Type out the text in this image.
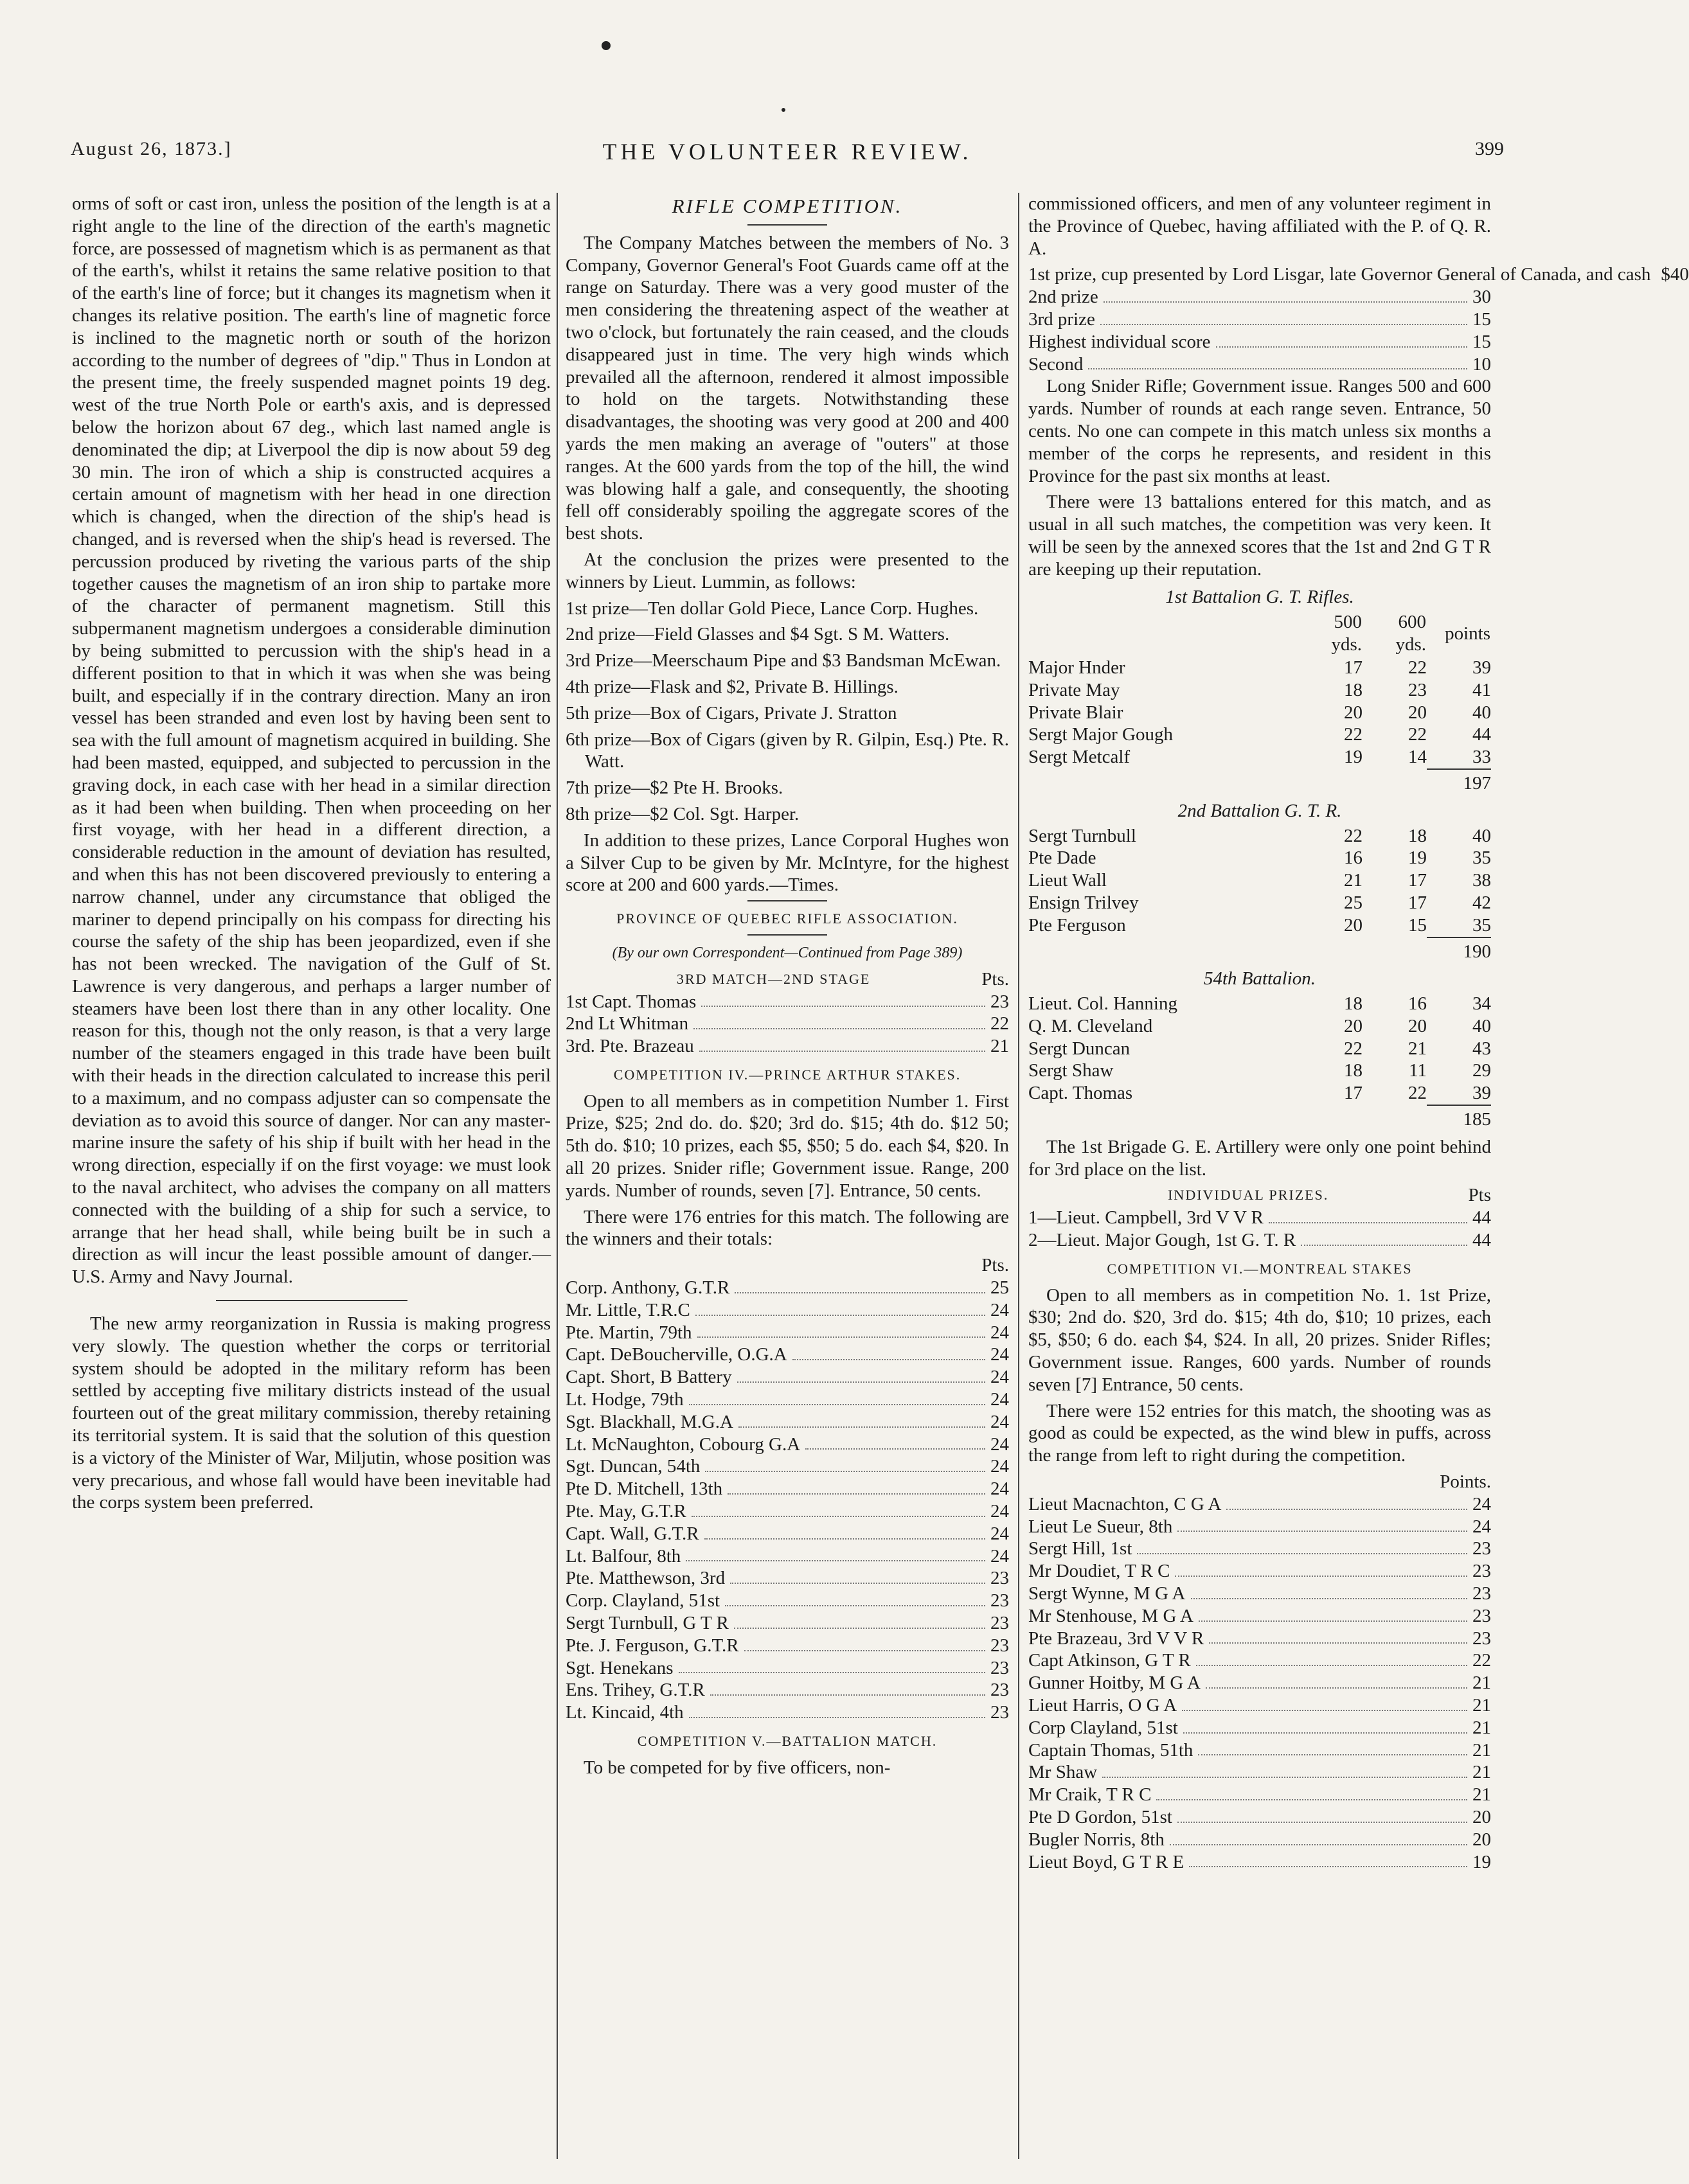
August 26, 1873.]	THE VOLUNTEER REVIEW.	399

orms of soft or cast iron, unless the position of the length is at a right angle to the line of the direction of the earth's magnetic force, are possessed of magnetism which is as permanent as that of the earth's, whilst it retains the same relative position to that of the earth's line of force; but it changes its magnetism when it changes its relative position. The earth's line of magnetic force is inclined to the magnetic north or south of the horizon according to the number of degrees of "dip." Thus in London at the present time, the freely suspended magnet points 19 deg. west of the true North Pole or earth's axis, and is depressed below the horizon about 67 deg., which last named angle is denominated the dip; at Liverpool the dip is now about 59 deg 30 min. The iron of which a ship is constructed acquires a certain amount of magnetism with her head in one direction which is changed, when the direction of the ship's head is changed, and is reversed when the ship's head is reversed. The percussion produced by riveting the various parts of the ship together causes the magnetism of an iron ship to partake more of the character of permanent magnetism. Still this subpermanent magnetism undergoes a considerable diminution by being submitted to percussion with the ship's head in a different position to that in which it was when she was being built, and especially if in the contrary direction. Many an iron vessel has been stranded and even lost by having been sent to sea with the full amount of magnetism acquired in building. She had been masted, equipped, and subjected to percussion in the graving dock, in each case with her head in a similar direction as it had been when building. Then when proceeding on her first voyage, with her head in a different direction, a considerable reduction in the amount of deviation has resulted, and when this has not been discovered previously to entering a narrow channel, under any circumstance that obliged the mariner to depend principally on his compass for directing his course the safety of the ship has been jeopardized, even if she has not been wrecked. The navigation of the Gulf of St. Lawrence is very dangerous, and perhaps a larger number of steamers have been lost there than in any other locality. One reason for this, though not the only reason, is that a very large number of the steamers engaged in this trade have been built with their heads in the direction calculated to increase this peril to a maximum, and no compass adjuster can so compensate the deviation as to avoid this source of danger. Nor can any master-marine insure the safety of his ship if built with her head in the wrong direction, especially if on the first voyage: we must look to the naval architect, who advises the company on all matters connected with the building of a ship for such a service, to arrange that her head shall, while being built be in such a direction as will incur the least possible amount of danger.—U.S. Army and Navy Journal.

The new army reorganization in Russia is making progress very slowly. The question whether the corps or territorial system should be adopted in the military reform has been settled by accepting five military districts instead of the usual fourteen out of the great military commission, thereby retaining its territorial system. It is said that the solution of this question is a victory of the Minister of War, Miljutin, whose position was very precarious, and whose fall would have been inevitable had the corps system been preferred.

RIFLE COMPETITION.

The Company Matches between the members of No. 3 Company, Governor General's Foot Guards came off at the range on Saturday. There was a very good muster of the men considering the threatening aspect of the weather at two o'clock, but fortunately the rain ceased, and the clouds disappeared just in time. The very high winds which prevailed all the afternoon, rendered it almost impossible to hold on the targets. Notwithstanding these disadvantages, the shooting was very good at 200 and 400 yards the men making an average of "outers" at those ranges. At the 600 yards from the top of the hill, the wind was blowing half a gale, and consequently, the shooting fell off considerably spoiling the aggregate scores of the best shots.

At the conclusion the prizes were presented to the winners by Lieut. Lummin, as follows:

1st prize—Ten dollar Gold Piece, Lance Corp. Hughes.

2nd prize—Field Glasses and $4 Sgt. S M. Watters.

3rd Prize—Meerschaum Pipe and $3 Bandsman McEwan.

4th prize—Flask and $2, Private B. Hillings.

5th prize—Box of Cigars, Private J. Stratton

6th prize—Box of Cigars (given by R. Gilpin, Esq.) Pte. R. Watt.

7th prize—$2 Pte H. Brooks.

8th prize—$2 Col. Sgt. Harper.

In addition to these prizes, Lance Corporal Hughes won a Silver Cup to be given by Mr. McIntyre, for the highest score at 200 and 600 yards.—Times.

PROVINCE OF QUEBEC RIFLE ASSOCIATION.
(By our own Correspondent—Continued from Page 389)
3RD MATCH—2ND STAGE	Pts.
1st Capt. Thomas	23
2nd Lt Whitman	22
3rd. Pte. Brazeau	21
COMPETITION IV.—PRINCE ARTHUR STAKES.

Open to all members as in competition Number 1. First Prize, $25; 2nd do. do. $20; 3rd do. $15; 4th do. $12 50; 5th do. $10; 10 prizes, each $5, $50; 5 do. each $4, $20. In all 20 prizes. Snider rifle; Government issue. Range, 200 yards. Number of rounds, seven [7]. Entrance, 50 cents.

There were 176 entries for this match. The following are the winners and their totals:

Pts.
Corp. Anthony, G.T.R	25
Mr. Little, T.R.C	24
Pte. Martin, 79th	24
Capt. DeBoucherville, O.G.A	24
Capt. Short, B Battery	24
Lt. Hodge, 79th	24
Sgt. Blackhall, M.G.A	24
Lt. McNaughton, Cobourg G.A	24
Sgt. Duncan, 54th	24
Pte D. Mitchell, 13th	24
Pte. May, G.T.R	24
Capt. Wall, G.T.R	24
Lt. Balfour, 8th	24
Pte. Matthewson, 3rd	23
Corp. Clayland, 51st	23
Sergt Turnbull, G T R	23
Pte. J. Ferguson, G.T.R	23
Sgt. Henekans	23
Ens. Trihey, G.T.R	23
Lt. Kincaid, 4th	23
COMPETITION V.—BATTALION MATCH.

To be competed for by five officers, non-

commissioned officers, and men of any volunteer regiment in the Province of Quebec, having affiliated with the P. of Q. R. A.

1st prize, cup presented by Lord Lisgar, late Governor General of Canada, and cash $40
2nd prize	30
3rd prize	15
Highest individual score	15
Second	10

Long Snider Rifle; Government issue. Ranges 500 and 600 yards. Number of rounds at each range seven. Entrance, 50 cents. No one can compete in this match unless six months a member of the corps he represents, and resident in this Province for the past six months at least.

There were 13 battalions entered for this match, and as usual in all such matches, the competition was very keen. It will be seen by the annexed scores that the 1st and 2nd G T R are keeping up their reputation.

1st Battalion G. T. Rifles.
	500 yds.	600 yds.	points
Major Hnder	17	22	39
Private May	18	23	41
Private Blair	20	20	40
Sergt Major Gough	22	22	44
Sergt Metcalf	19	14	33
197
2nd Battalion G. T. R.
Sergt Turnbull	22	18	40
Pte Dade	16	19	35
Lieut Wall	21	17	38
Ensign Trilvey	25	17	42
Pte Ferguson	20	15	35
190
54th Battalion.
Lieut. Col. Hanning	18	16	34
Q. M. Cleveland	20	20	40
Sergt Duncan	22	21	43
Sergt Shaw	18	11	29
Capt. Thomas	17	22	39
185

The 1st Brigade G. E. Artillery were only one point behind for 3rd place on the list.

INDIVIDUAL PRIZES.	Pts
1—Lieut. Campbell, 3rd V V R	44
2—Lieut. Major Gough, 1st G. T. R	44
COMPETITION VI.—MONTREAL STAKES

Open to all members as in competition No. 1. 1st Prize, $30; 2nd do. $20, 3rd do. $15; 4th do, $10; 10 prizes, each $5, $50; 6 do. each $4, $24. In all, 20 prizes. Snider Rifles; Government issue. Ranges, 600 yards. Number of rounds seven [7] Entrance, 50 cents.

There were 152 entries for this match, the shooting was as good as could be expected, as the wind blew in puffs, across the range from left to right during the competition.

Points.
Lieut Macnachton, C G A	24
Lieut Le Sueur, 8th	24
Sergt Hill, 1st	23
Mr Doudiet, T R C	23
Sergt Wynne, M G A	23
Mr Stenhouse, M G A	23
Pte Brazeau, 3rd V V R	23
Capt Atkinson, G T R	22
Gunner Hoitby, M G A	21
Lieut Harris, O G A	21
Corp Clayland, 51st	21
Captain Thomas, 51th	21
Mr Shaw	21
Mr Craik, T R C	21
Pte D Gordon, 51st	20
Bugler Norris, 8th	20
Lieut Boyd, G T R E	19
